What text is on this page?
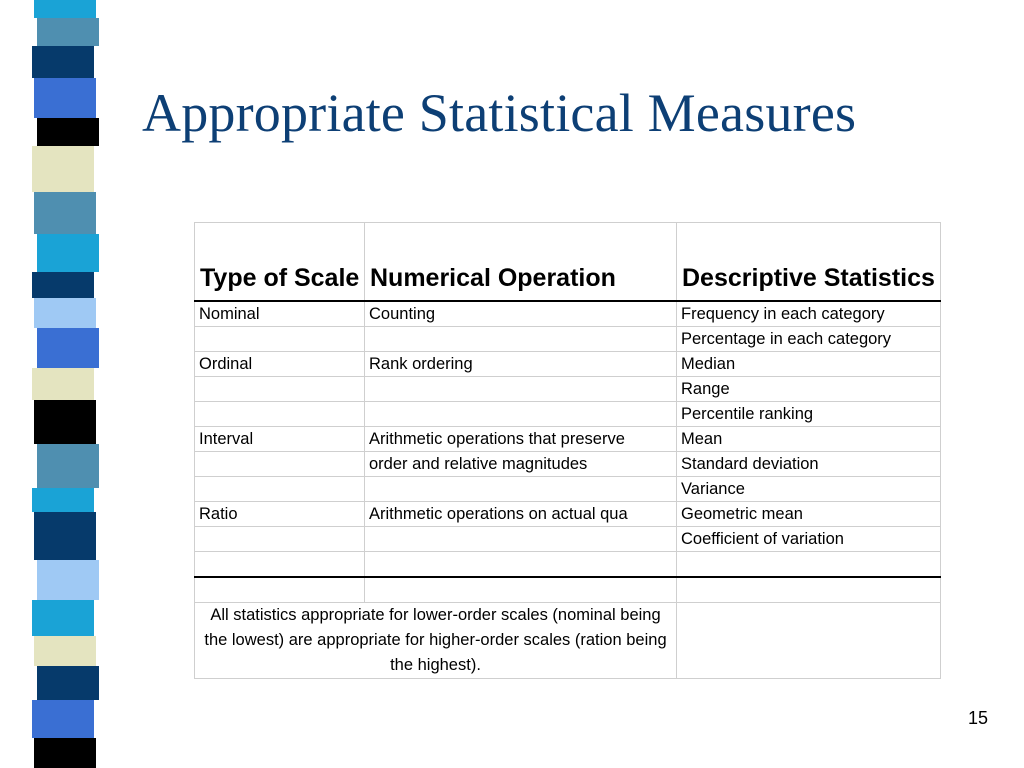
Appropriate Statistical Measures
Type of Scale	Numerical Operation	Descriptive Statistics
Nominal	Counting	Frequency in each category
		Percentage in each category
Ordinal	Rank ordering	Median
		Range
		Percentile ranking
Interval	Arithmetic operations that preserve	Mean
	order and relative magnitudes	Standard deviation
		Variance
Ratio	Arithmetic operations on actual qua	Geometric mean
		Coefficient of variation

All statistics appropriate for lower-order scales (nominal being the lowest) are appropriate for higher-order scales (ration being the highest).		
15
